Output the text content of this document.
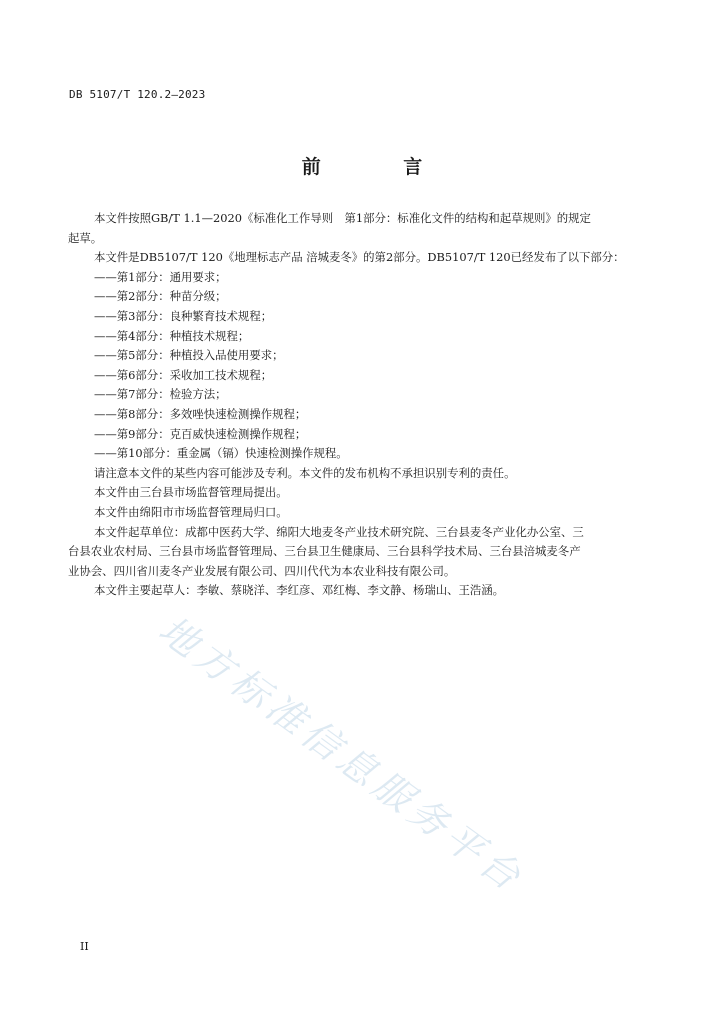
DB 5107/T 120.2—2023
前 言
本文件按照GB/T 1.1—2020《标准化工作导则　第1部分：标准化文件的结构和起草规则》的规定
起草。
本文件是DB5107/T 120《地理标志产品 涪城麦冬》的第2部分。DB5107/T 120已经发布了以下部分：
——第1部分：通用要求；
——第2部分：种苗分级；
——第3部分：良种繁育技术规程；
——第4部分：种植技术规程；
——第5部分：种植投入品使用要求；
——第6部分：采收加工技术规程；
——第7部分：检验方法；
——第8部分：多效唑快速检测操作规程；
——第9部分：克百威快速检测操作规程；
——第10部分：重金属（镉）快速检测操作规程。
请注意本文件的某些内容可能涉及专利。本文件的发布机构不承担识别专利的责任。
本文件由三台县市场监督管理局提出。
本文件由绵阳市市场监督管理局归口。
本文件起草单位：成都中医药大学、绵阳大地麦冬产业技术研究院、三台县麦冬产业化办公室、三
台县农业农村局、三台县市场监督管理局、三台县卫生健康局、三台县科学技术局、三台县涪城麦冬产
业协会、四川省川麦冬产业发展有限公司、四川代代为本农业科技有限公司。
本文件主要起草人：李敏、蔡晓洋、李红彦、邓红梅、李文静、杨瑞山、王浩涵。
地方标准信息服务平台
II
